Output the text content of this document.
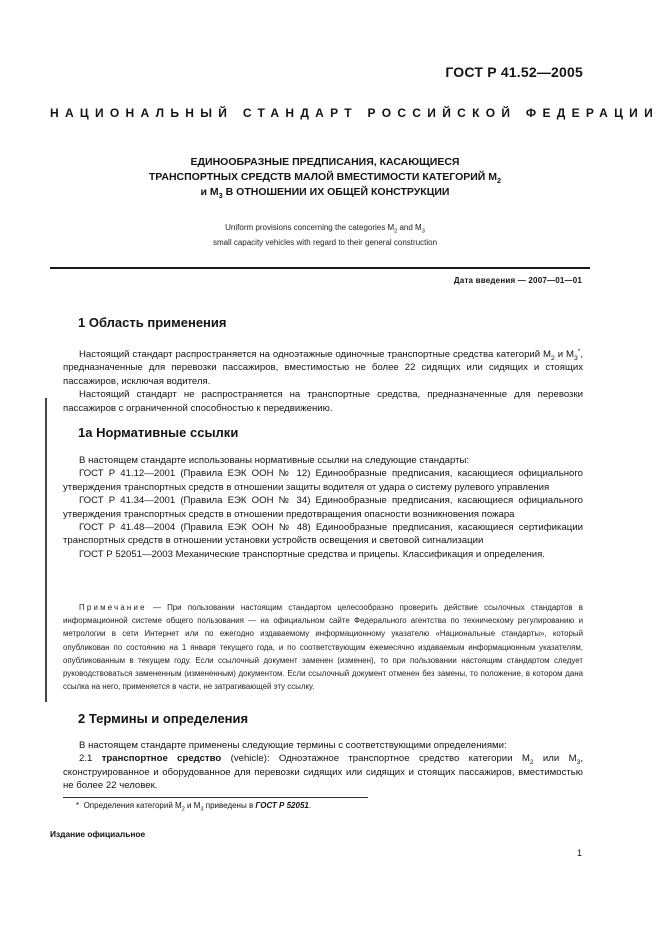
ГОСТ Р 41.52—2005
НАЦИОНАЛЬНЫЙ СТАНДАРТ РОССИЙСКОЙ ФЕДЕРАЦИИ
ЕДИНООБРАЗНЫЕ ПРЕДПИСАНИЯ, КАСАЮЩИЕСЯ
ТРАНСПОРТНЫХ СРЕДСТВ МАЛОЙ ВМЕСТИМОСТИ КАТЕГОРИЙ $М_2$
и $М_3$ В ОТНОШЕНИИ ИХ ОБЩЕЙ КОНСТРУКЦИИ
Uniform provisions concerning the categories $M_2$ and $M_3$
small capacity vehicles with regard to their general construction
Дата введения — 2007—01—01
1 Область применения

Настоящий стандарт распространяется на одноэтажные одиночные транспортные средства категорий $М_2$ и $М_3^*$, предназначенные для перевозки пассажиров, вместимостью не более 22 сидящих или сидящих и стоящих пассажиров, исключая водителя.

Настоящий стандарт не распространяется на транспортные средства, предназначенные для перевозки пассажиров с ограниченной способностью к передвижению.

1а Нормативные ссылки

В настоящем стандарте использованы нормативные ссылки на следующие стандарты:

ГОСТ Р 41.12—2001 (Правила ЕЭК ООН № 12) Единообразные предписания, касающиеся официального утверждения транспортных средств в отношении защиты водителя от удара о систему рулевого управления

ГОСТ Р 41.34—2001 (Правила ЕЭК ООН № 34) Единообразные предписания, касающиеся официального утверждения транспортных средств в отношении предотвращения опасности возникновения пожара

ГОСТ Р 41.48—2004 (Правила ЕЭК ООН № 48) Единообразные предписания, касающиеся сертификации транспортных средств в отношении установки устройств освещения и световой сигнализации

ГОСТ Р 52051—2003 Механические транспортные средства и прицепы. Классификация и определения.

Примечание — При пользовании настоящим стандартом целесообразно проверить действие ссылочных стандартов в информационной системе общего пользования — на официальном сайте Федерального агентства по техническому регулированию и метрологии в сети Интернет или по ежегодно издаваемому информационному указателю «Национальные стандарты», который опубликован по состоянию на 1 января текущего года, и по соответствующим ежемесячно издаваемым информационным указателям, опубликованным в текущем году. Если ссылочный документ заменен (изменен), то при пользовании настоящим стандартом следует руководствоваться замененным (измененным) документом. Если ссылочный документ отменен без замены, то положение, в котором дана ссылка на него, применяется в части, не затрагивающей эту ссылку.

2 Термины и определения

В настоящем стандарте применены следующие термины с соответствующими определениями:

2.1 транспортное средство (vehicle): Одноэтажное транспортное средство категории $М_2$ или $М_3$, сконструированное и оборудованное для перевозки сидящих или сидящих и стоящих пассажиров, вместимостью не более 22 человек.

* Определения категорий $М_2$ и $М_3$ приведены в ГОСТ Р 52051.
Издание официальное
1
